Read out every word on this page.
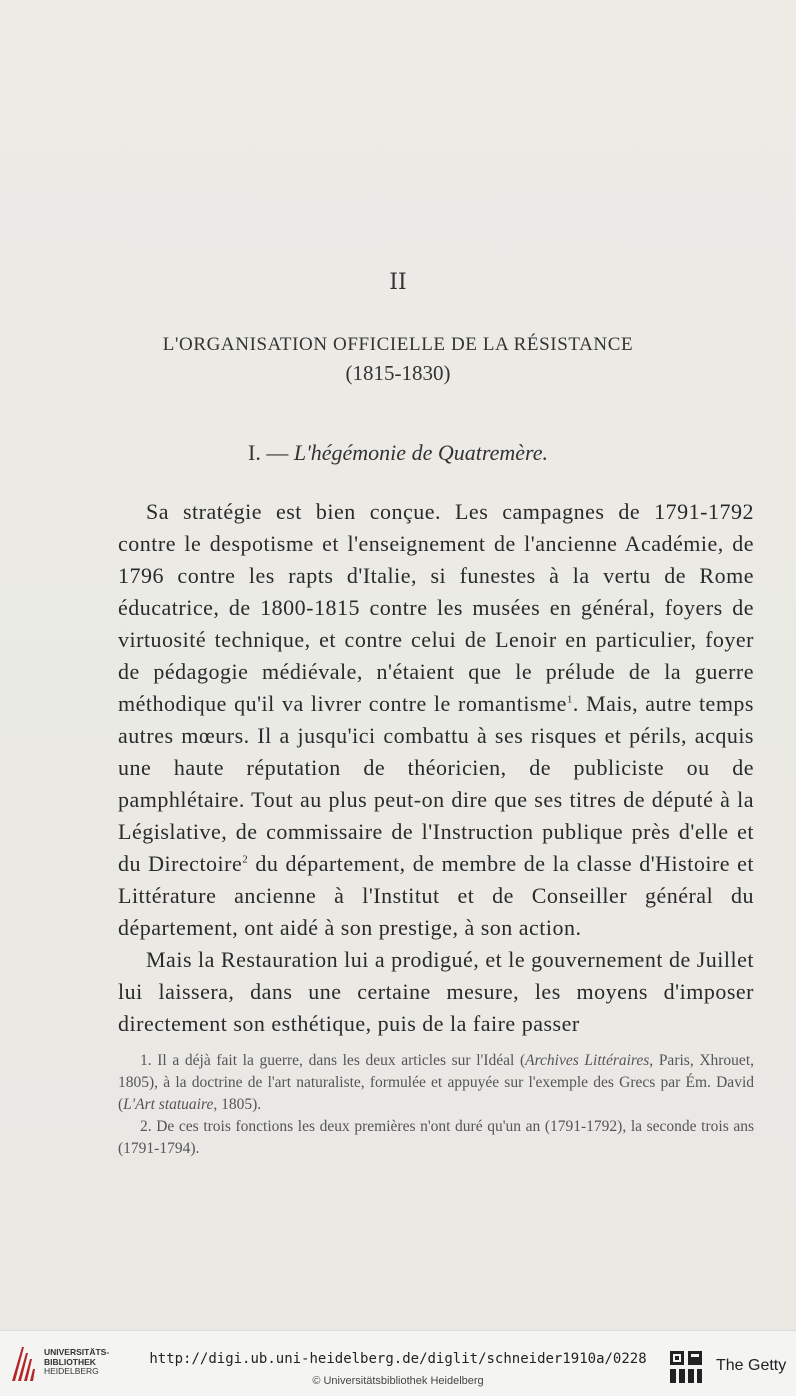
II
L'ORGANISATION OFFICIELLE DE LA RÉSISTANCE
(1815-1830)
I. — L'hégémonie de Quatremère.

Sa stratégie est bien conçue. Les campagnes de 1791-1792 contre le despotisme et l'enseignement de l'ancienne Académie, de 1796 contre les rapts d'Italie, si funestes à la vertu de Rome éducatrice, de 1800-1815 contre les musées en général, foyers de virtuosité technique, et contre celui de Lenoir en particulier, foyer de pédagogie médiévale, n'étaient que le prélude de la guerre méthodique qu'il va livrer contre le romantisme$^1$. Mais, autre temps autres mœurs. Il a jusqu'ici combattu à ses risques et périls, acquis une haute réputation de théoricien, de publiciste ou de pamphlétaire. Tout au plus peut-on dire que ses titres de député à la Législative, de commissaire de l'Instruction publique près d'elle et du Directoire$^2$ du département, de membre de la classe d'Histoire et Littérature ancienne à l'Institut et de Conseiller général du département, ont aidé à son prestige, à son action.

Mais la Restauration lui a prodigué, et le gouvernement de Juillet lui laissera, dans une certaine mesure, les moyens d'imposer directement son esthétique, puis de la faire passer

1. Il a déjà fait la guerre, dans les deux articles sur l'Idéal (Archives Littéraires, Paris, Xhrouet, 1805), à la doctrine de l'art naturaliste, formulée et appuyée sur l'exemple des Grecs par Ém. David (L'Art statuaire, 1805).

2. De ces trois fonctions les deux premières n'ont duré qu'un an (1791-1792), la seconde trois ans (1791-1794).

UNIVERSITÄTS-
BIBLIOTHEK
HEIDELBERG
http://digi.ub.uni-heidelberg.de/diglit/schneider1910a/0228
© Universitätsbibliothek Heidelberg
The Getty
